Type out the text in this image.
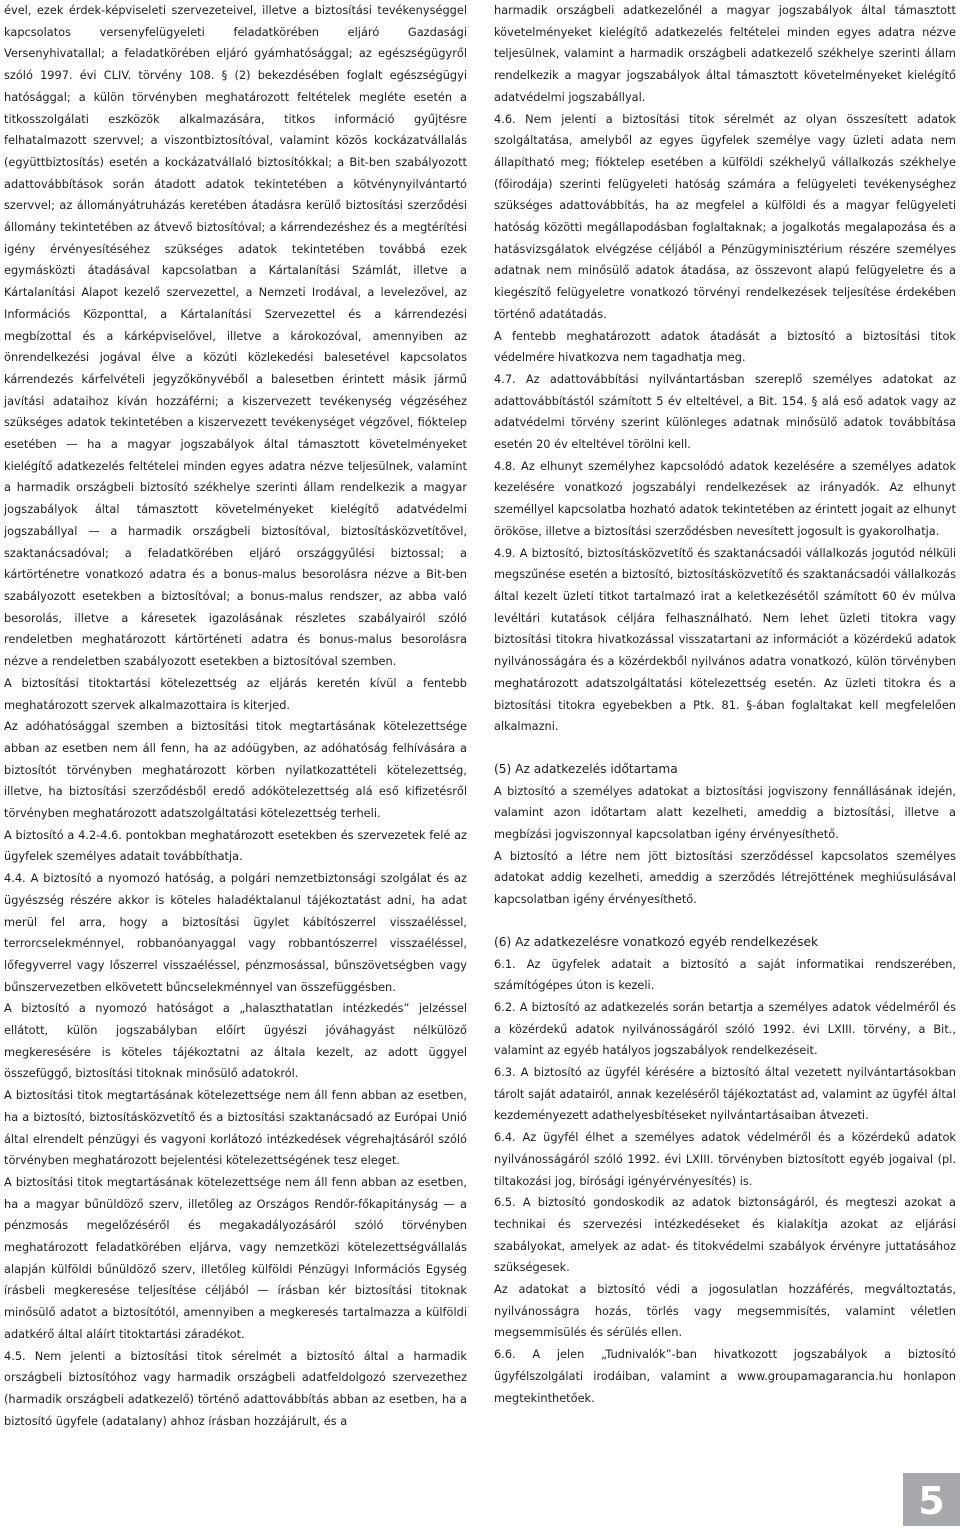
ével, ezek érdek-képviseleti szervezeteivel, illetve a biztosítási tevékenységgel kapcsolatos versenyfelügyeleti feladatkörében eljáró Gazdasági Versenyhivatallal; a feladatkörében eljáró gyámhatósággal; az egészségügyről szóló 1997. évi CLIV. törvény 108. § (2) bekezdésében foglalt egészségügyi hatósággal; a külön törvényben meghatározott feltételek megléte esetén a titkosszolgálati eszközök alkalmazására, titkos információ gyűjtésre felhatalmazott szervvel; a viszontbiztosítóval, valamint közös kockázatvállalás (együttbiztosítás) esetén a kockázatvállaló biztosítókkal; a Bit-ben szabályozott adattovábbítások során átadott adatok tekintetében a kötvénynyilvántartó szervvel; az állományátruházás keretében átadásra kerülő biztosítási szerződési állomány tekintetében az átvevő biztosítóval; a kárrendezéshez és a megtérítési igény érvényesítéséhez szükséges adatok tekintetében továbbá ezek egymásközti átadásával kapcsolatban a Kártalanítási Számlát, illetve a Kártalanítási Alapot kezelő szervezettel, a Nemzeti Irodával, a levelezővel, az Információs Központtal, a Kártalanítási Szervezettel és a kárrendezési megbízottal és a kárképviselővel, illetve a károkozóval, amennyiben az önrendelkezési jogával élve a közúti közlekedési balesetével kapcsolatos kárrendezés kárfelvételi jegyzőkönyvéből a balesetben érintett másik jármű javítási adataihoz kíván hozzáférni; a kiszervezett tevékenység végzéséhez szükséges adatok tekintetében a kiszervezett tevékenységet végzővel, fióktelep esetében — ha a magyar jogszabályok által támasztott követelményeket kielégítő adatkezelés feltételei minden egyes adatra nézve teljesülnek, valamint a harmadik országbeli biztosító székhelye szerinti állam rendelkezik a magyar jogszabályok által támasztott követelményeket kielégítő adatvédelmi jogszabállyal — a harmadik országbeli biztosítóval, biztosításközvetítővel, szaktanácsadóval; a feladatkörében eljáró országgyűlési biztossal; a kártörténetre vonatkozó adatra és a bonus-malus besorolásra nézve a Bit-ben szabályozott esetekben a biztosítóval; a bonus-malus rendszer, az abba való besorolás, illetve a káresetek igazolásának részletes szabályairól szóló rendeletben meghatározott kártörténeti adatra és bonus-malus besorolásra nézve a rendeletben szabályozott esetekben a biztosítóval szemben.

A biztosítási titoktartási kötelezettség az eljárás keretén kívül a fentebb meghatározott szervek alkalmazottaira is kiterjed.

Az adóhatósággal szemben a biztosítási titok megtartásának kötelezettsége abban az esetben nem áll fenn, ha az adóügyben, az adóhatóság felhívására a biztosítót törvényben meghatározott körben nyilatkozattételi kötelezettség, illetve, ha biztosítási szerződésből eredő adókötelezettség alá eső kifizetésről törvényben meghatározott adatszolgáltatási kötelezettség terheli.

A biztosító a 4.2-4.6. pontokban meghatározott esetekben és szervezetek felé az ügyfelek személyes adatait továbbíthatja.

4.4. A biztosító a nyomozó hatóság, a polgári nemzetbiztonsági szolgálat és az ügyészség részére akkor is köteles haladéktalanul tájékoztatást adni, ha adat merül fel arra, hogy a biztosítási ügylet kábítószerrel visszaéléssel, terrorcselekménnyel, robbanóanyaggal vagy robbantószerrel visszaéléssel, lőfegyverrel vagy lőszerrel visszaéléssel, pénzmosással, bűnszövetségben vagy bűnszervezetben elkövetett bűncselekménnyel van összefüggésben.

A biztosító a nyomozó hatóságot a „halaszthatatlan intézkedés” jelzéssel ellátott, külön jogszabályban előírt ügyészi jóváhagyást nélkülöző megkeresésére is köteles tájékoztatni az általa kezelt, az adott üggyel összefüggő, biztosítási titoknak minősülő adatokról.

A biztosítási titok megtartásának kötelezettsége nem áll fenn abban az esetben, ha a biztosító, biztosításközvetítő és a biztosítási szaktanácsadó az Európai Unió által elrendelt pénzügyi és vagyoni korlátozó intézkedések végrehajtásáról szóló törvényben meghatározott bejelentési kötelezettségének tesz eleget.

A biztosítási titok megtartásának kötelezettsége nem áll fenn abban az esetben, ha a magyar bűnüldöző szerv, illetőleg az Országos Rendőr-főkapitányság — a pénzmosás megelőzéséről és megakadályozásáról szóló törvényben meghatározott feladatkörében eljárva, vagy nemzetközi kötelezettségvállalás alapján külföldi bűnüldöző szerv, illetőleg külföldi Pénzügyi Információs Egység írásbeli megkeresése teljesítése céljából — írásban kér biztosítási titoknak minősülő adatot a biztosítótól, amennyiben a megkeresés tartalmazza a külföldi adatkérő által aláírt titoktartási záradékot.

4.5. Nem jelenti a biztosítási titok sérelmét a biztosító által a harmadik országbeli biztosítóhoz vagy harmadik országbeli adatfeldolgozó szervezethez (harmadik országbeli adatkezelő) történő adattovábbítás abban az esetben, ha a biztosító ügyfele (adatalany) ahhoz írásban hozzájárult, és a

harmadik országbeli adatkezelőnél a magyar jogszabályok által támasztott követelményeket kielégítő adatkezelés feltételei minden egyes adatra nézve teljesülnek, valamint a harmadik országbeli adatkezelő székhelye szerinti állam rendelkezik a magyar jogszabályok által támasztott követelményeket kielégítő adatvédelmi jogszabállyal.

4.6. Nem jelenti a biztosítási titok sérelmét az olyan összesített adatok szolgáltatása, amelyből az egyes ügyfelek személye vagy üzleti adata nem állapítható meg; fióktelep esetében a külföldi székhelyű vállalkozás székhelye (főirodája) szerinti felügyeleti hatóság számára a felügyeleti tevékenységhez szükséges adattovábbítás, ha az megfelel a külföldi és a magyar felügyeleti hatóság közötti megállapodásban foglaltaknak; a jogalkotás megalapozása és a hatásvizsgálatok elvégzése céljából a Pénzügyminisztérium részére személyes adatnak nem minősülő adatok átadása, az összevont alapú felügyeletre és a kiegészítő felügyeletre vonatkozó törvényi rendelkezések teljesítése érdekében történő adatátadás.

A fentebb meghatározott adatok átadását a biztosító a biztosítási titok védelmére hivatkozva nem tagadhatja meg.

4.7. Az adattovábbítási nyilvántartásban szereplő személyes adatokat az adattovábbítástól számított 5 év elteltével, a Bit. 154. § alá eső adatok vagy az adatvédelmi törvény szerint különleges adatnak minősülő adatok továbbítása esetén 20 év elteltével törölni kell.

4.8. Az elhunyt személyhez kapcsolódó adatok kezelésére a személyes adatok kezelésére vonatkozó jogszabályi rendelkezések az irányadók. Az elhunyt személlyel kapcsolatba hozható adatok tekintetében az érintett jogait az elhunyt örököse, illetve a biztosítási szerződésben nevesített jogosult is gyakorolhatja.

4.9. A biztosító, biztosításközvetítő és szaktanácsadói vállalkozás jogutód nélküli megszűnése esetén a biztosító, biztosításközvetítő és szaktanácsadói vállalkozás által kezelt üzleti titkot tartalmazó irat a keletkezésétől számított 60 év múlva levéltári kutatások céljára felhasználható. Nem lehet üzleti titokra vagy biztosítási titokra hivatkozással visszatartani az információt a közérdekű adatok nyilvánosságára és a közérdekből nyilvános adatra vonatkozó, külön törvényben meghatározott adatszolgáltatási kötelezettség esetén. Az üzleti titokra és a biztosítási titokra egyebekben a Ptk. 81. §-ában foglaltakat kell megfelelően alkalmazni.

(5) Az adatkezelés időtartama

A biztosító a személyes adatokat a biztosítási jogviszony fennállásának idején, valamint azon időtartam alatt kezelheti, ameddig a biztosítási, illetve a megbízási jogviszonnyal kapcsolatban igény érvényesíthető.

A biztosító a létre nem jött biztosítási szerződéssel kapcsolatos személyes adatokat addig kezelheti, ameddig a szerződés létrejöttének meghiúsulásával kapcsolatban igény érvényesíthető.

(6) Az adatkezelésre vonatkozó egyéb rendelkezések

6.1. Az ügyfelek adatait a biztosító a saját informatikai rendszerében, számítógépes úton is kezeli.

6.2. A biztosító az adatkezelés során betartja a személyes adatok védelméről és a közérdekű adatok nyilvánosságáról szóló 1992. évi LXIII. törvény, a Bit., valamint az egyéb hatályos jogszabályok rendelkezéseit.

6.3. A biztosító az ügyfél kérésére a biztosító által vezetett nyilvántartásokban tárolt saját adatairól, annak kezeléséről tájékoztatást ad, valamint az ügyfél által kezdeményezett adathelyesbítéseket nyilvántartásaiban átvezeti.

6.4. Az ügyfél élhet a személyes adatok védelméről és a közérdekű adatok nyilvánosságáról szóló 1992. évi LXIII. törvényben biztosított egyéb jogaival (pl. tiltakozási jog, bírósági igényérvényesítés) is.

6.5. A biztosító gondoskodik az adatok biztonságáról, és megteszi azokat a technikai és szervezési intézkedéseket és kialakítja azokat az eljárási szabályokat, amelyek az adat- és titokvédelmi szabályok érvényre juttatásához szükségesek.

Az adatokat a biztosító védi a jogosulatlan hozzáférés, megváltoztatás, nyilvánosságra hozás, törlés vagy megsemmisítés, valamint véletlen megsemmisülés és sérülés ellen.

6.6. A jelen „Tudnivalók”-ban hivatkozott jogszabályok a biztosító ügyfélszolgálati irodáiban, valamint a www.groupamagarancia.hu honlapon megtekinthetőek.

5
